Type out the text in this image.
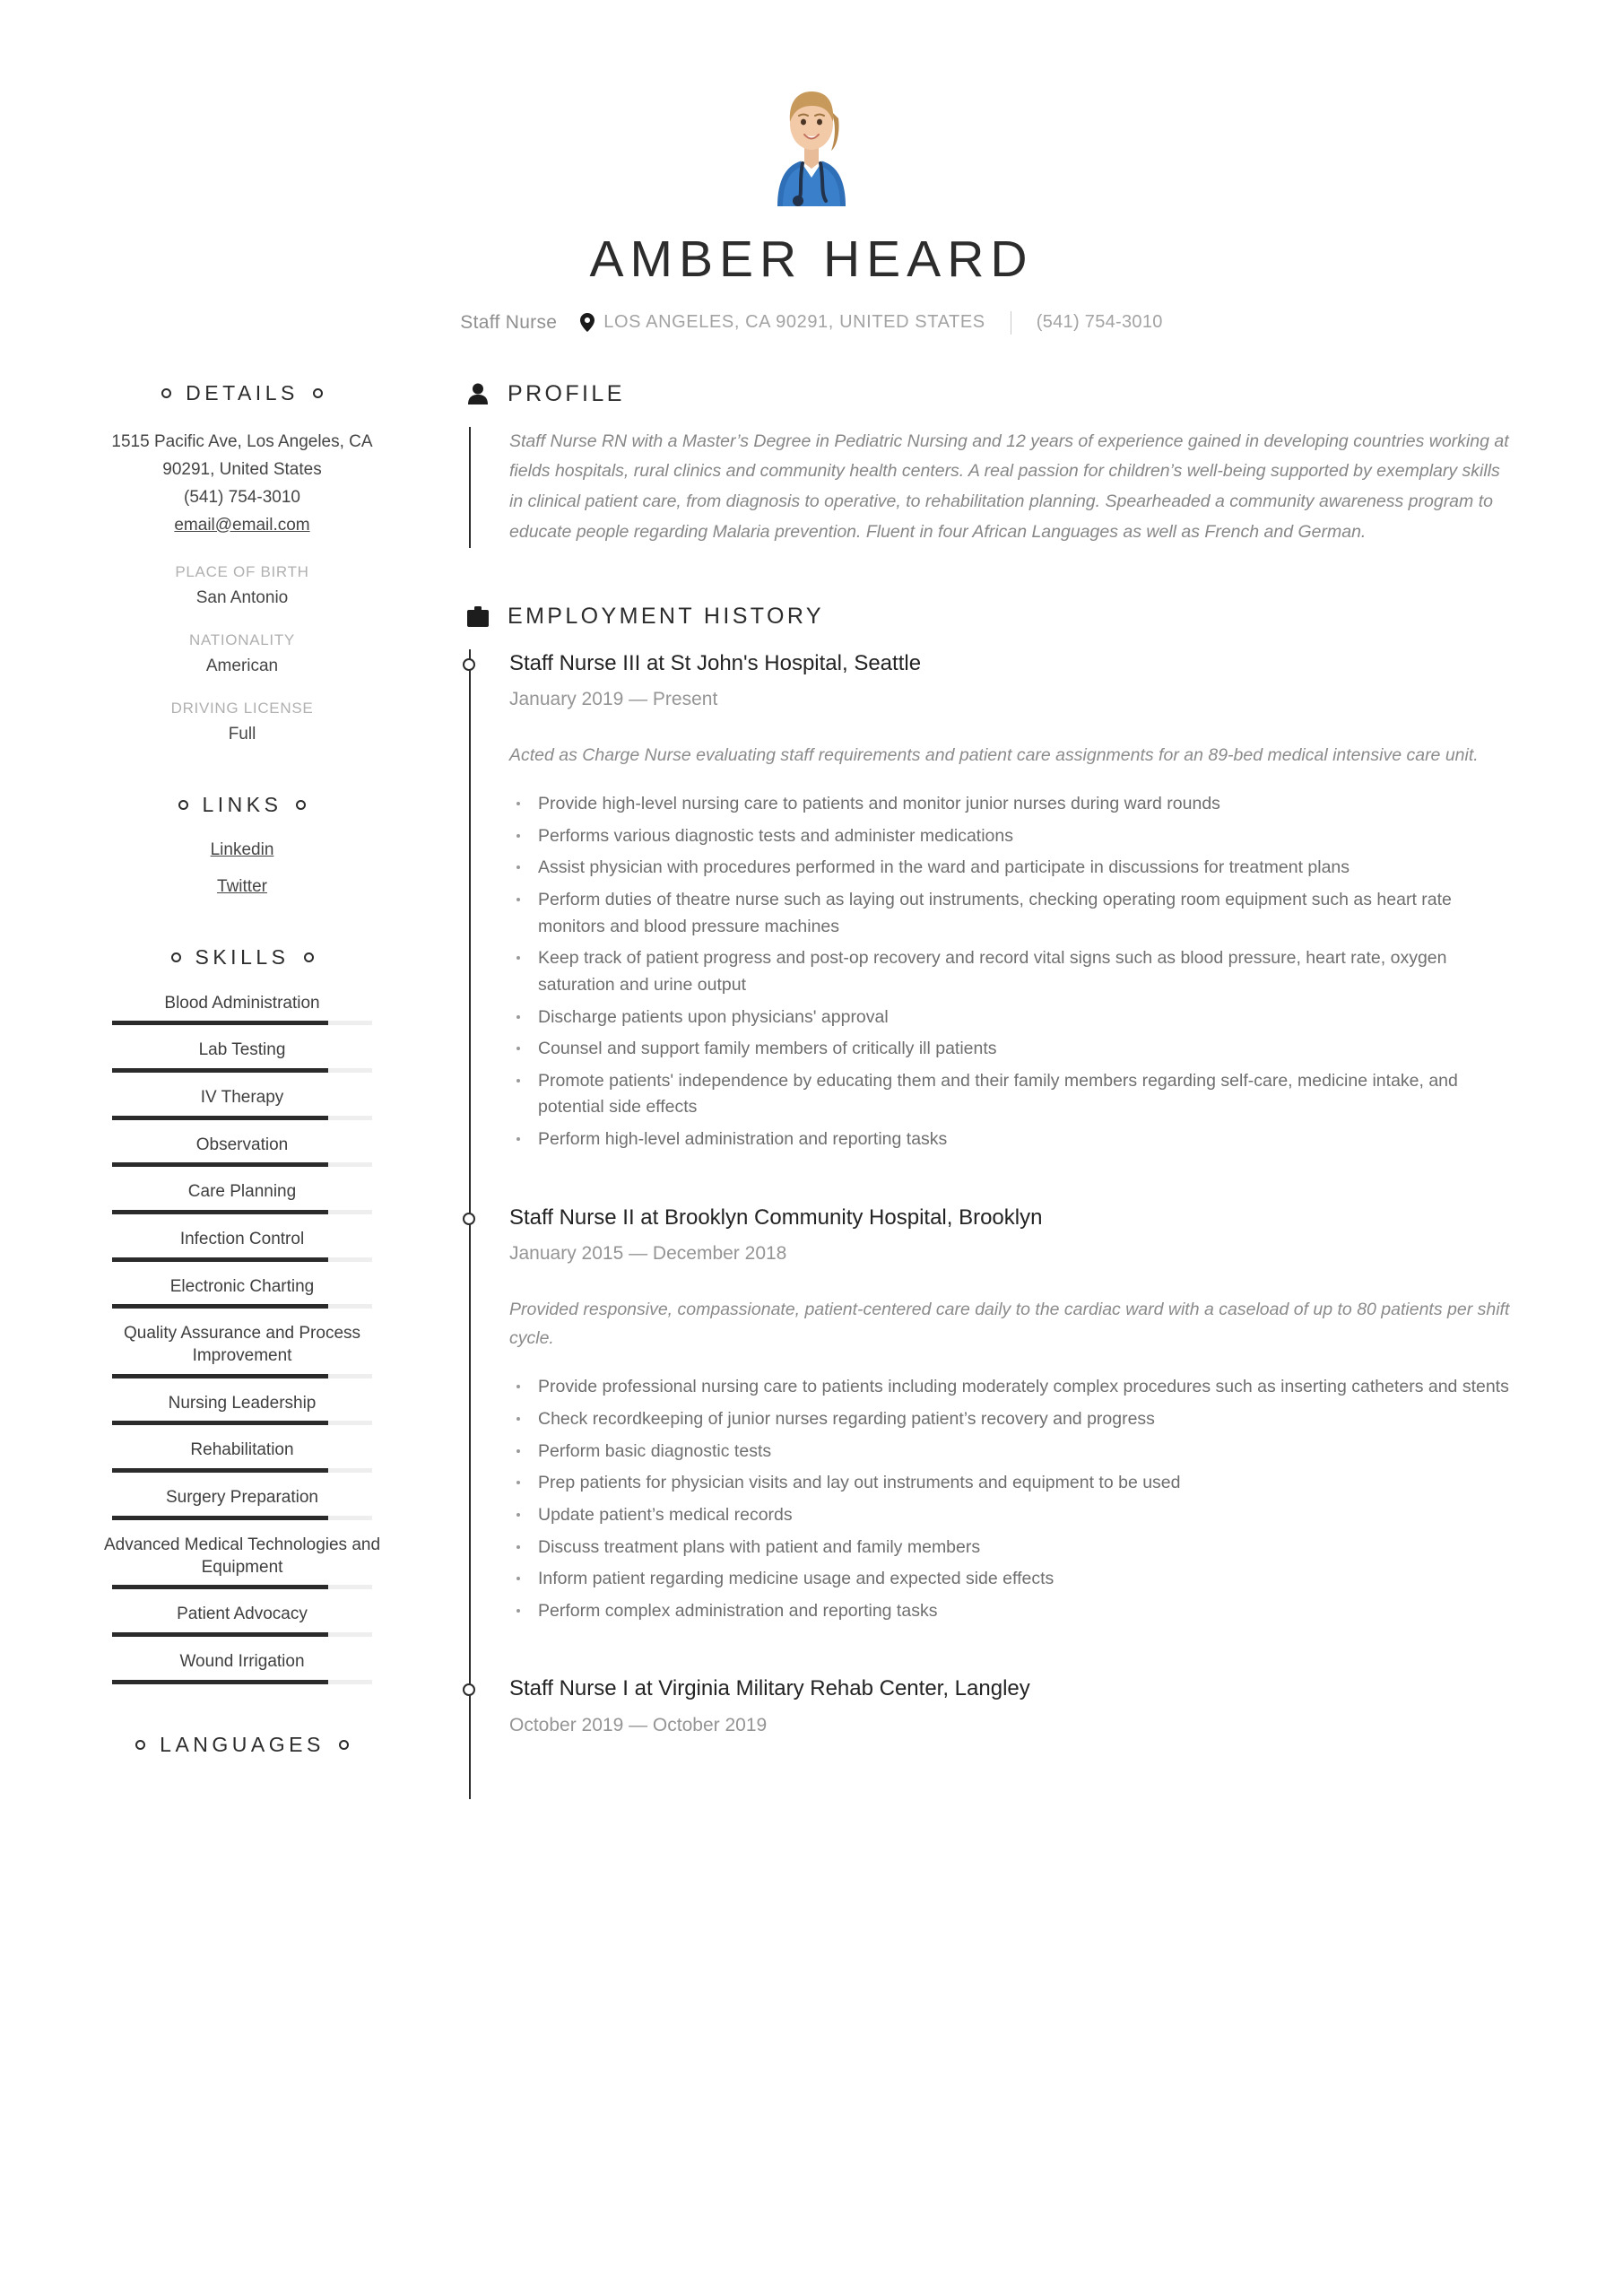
AMBER HEARD
Staff Nurse	LOS ANGELES, CA 90291, UNITED STATES	(541) 754-3010
DETAILS
1515 Pacific Ave, Los Angeles, CA
90291, United States
(541) 754-3010
email@email.com
PLACE OF BIRTH
San Antonio
NATIONALITY
American
DRIVING LICENSE
Full
LINKS
Linkedin
Twitter
SKILLS
Blood Administration
Lab Testing
IV Therapy
Observation
Care Planning
Infection Control
Electronic Charting
Quality Assurance and Process Improvement
Nursing Leadership
Rehabilitation
Surgery Preparation
Advanced Medical Technologies and Equipment
Patient Advocacy
Wound Irrigation
LANGUAGES
PROFILE

Staff Nurse RN with a Master’s Degree in Pediatric Nursing and 12 years of experience gained in developing countries working at fields hospitals, rural clinics and community health centers. A real passion for children’s well-being supported by exemplary skills in clinical patient care, from diagnosis to operative, to rehabilitation planning. Spearheaded a community awareness program to educate people regarding Malaria prevention. Fluent in four African Languages as well as French and German.

EMPLOYMENT HISTORY
Staff Nurse III at St John's Hospital, Seattle
January 2019 — Present
Acted as Charge Nurse evaluating staff requirements and patient care assignments for an 89-bed medical intensive care unit.
Provide high-level nursing care to patients and monitor junior nurses during ward rounds
Performs various diagnostic tests and administer medications
Assist physician with procedures performed in the ward and participate in discussions for treatment plans
Perform duties of theatre nurse such as laying out instruments, checking operating room equipment such as heart rate monitors and blood pressure machines
Keep track of patient progress and post-op recovery and record vital signs such as blood pressure, heart rate, oxygen saturation and urine output
Discharge patients upon physicians' approval
Counsel and support family members of critically ill patients
Promote patients' independence by educating them and their family members regarding self-care, medicine intake, and potential side effects
Perform high-level administration and reporting tasks
Staff Nurse II at Brooklyn Community Hospital, Brooklyn
January 2015 — December 2018
Provided responsive, compassionate, patient-centered care daily to the cardiac ward with a caseload of up to 80 patients per shift cycle.
Provide professional nursing care to patients including moderately complex procedures such as inserting catheters and stents
Check recordkeeping of junior nurses regarding patient’s recovery and progress
Perform basic diagnostic tests
Prep patients for physician visits and lay out instruments and equipment to be used
Update patient’s medical records
Discuss treatment plans with patient and family members
Inform patient regarding medicine usage and expected side effects
Perform complex administration and reporting tasks
Staff Nurse I at Virginia Military Rehab Center, Langley
October 2019 — October 2019
